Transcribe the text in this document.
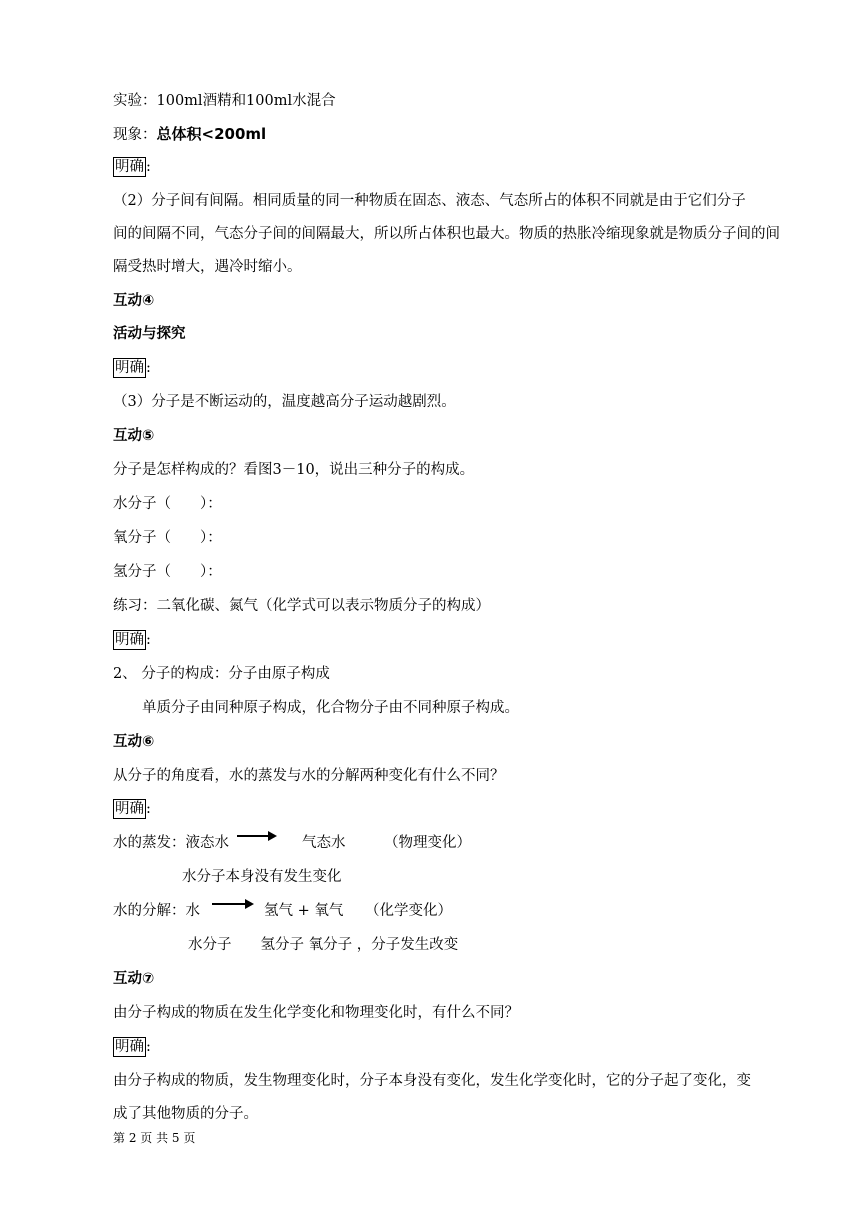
实验：100ml酒精和100ml水混合
现象：总体积<200ml
明确 :
（2）分子间有间隔。相同质量的同一种物质在固态、液态、气态所占的体积不同就是由于它们分子
间的间隔不同，气态分子间的间隔最大，所以所占体积也最大。物质的热胀冷缩现象就是物质分子间的间
隔受热时增大，遇冷时缩小。
互动④
活动与探究
明确 :
（3）分子是不断运动的，温度越高分子运动越剧烈。
互动⑤
分子是怎样构成的？看图3－10，说出三种分子的构成。
水分子（　　）：
氧分子（　　）：
氢分子（　　）：
练习：二氧化碳、氮气（化学式可以表示物质分子的构成）
明确 :
2、 分子的构成：分子由原子构成
单质分子由同种原子构成，化合物分子由不同种原子构成。
互动⑥
从分子的角度看，水的蒸发与水的分解两种变化有什么不同？
明确 :
水的蒸发：液态水	气态水	（物理变化）
水分子本身没有发生变化
水的分解：水	氢气 + 氧气 （化学变化）
水分子　　氢分子 氧分子 ，分子发生改变
互动⑦
由分子构成的物质在发生化学变化和物理变化时，有什么不同？
明确 :
由分子构成的物质，发生物理变化时，分子本身没有变化，发生化学变化时，它的分子起了变化，变
成了其他物质的分子。
第 2 页 共 5 页
